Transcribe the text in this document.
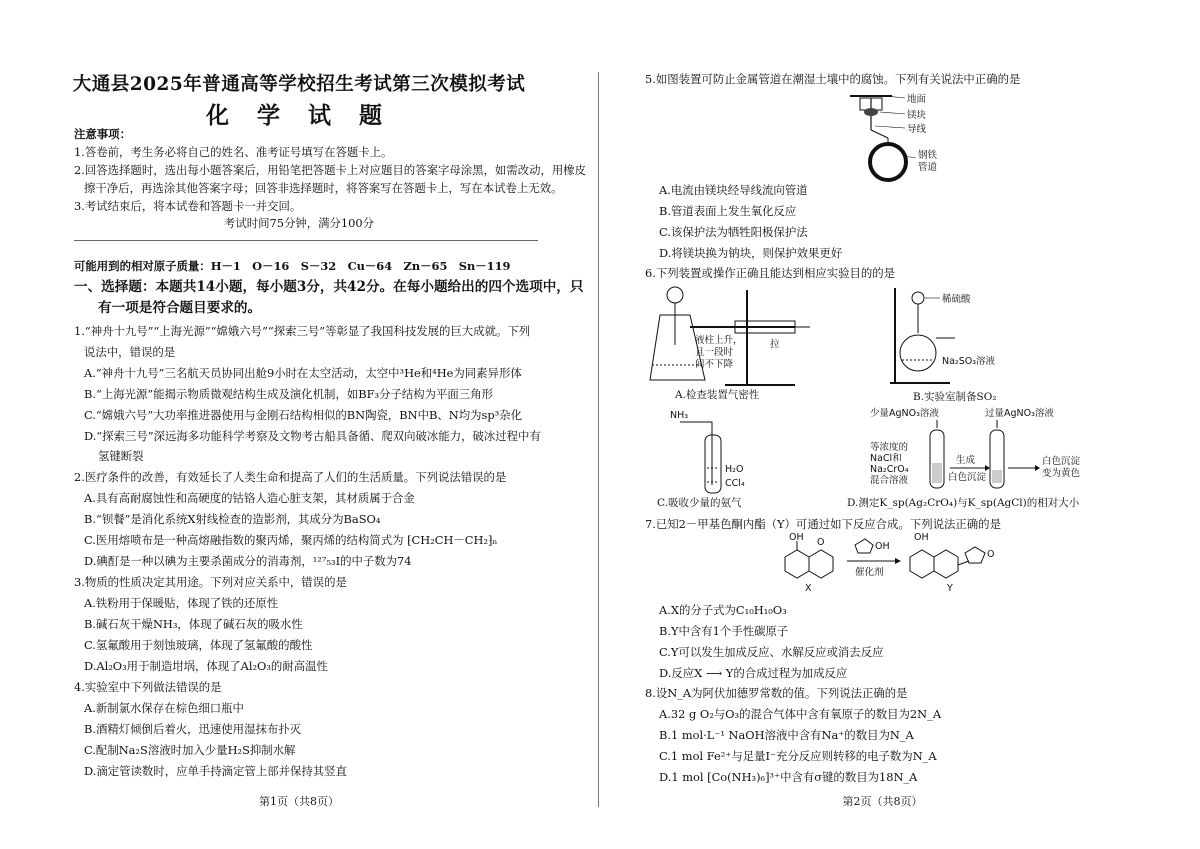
大通县2025年普通高等学校招生考试第三次模拟考试
化 学 试 题
注意事项：
1.答卷前，考生务必将自己的姓名、准考证号填写在答题卡上。
2.回答选择题时，选出每小题答案后，用铅笔把答题卡上对应题目的答案字母涂黑，如需改动，用橡皮
擦干净后，再选涂其他答案字母；回答非选择题时，将答案写在答题卡上，写在本试卷上无效。
3.考试结束后，将本试卷和答题卡一并交回。
考试时间75分钟，满分100分
可能用到的相对原子质量：H－1　O－16　S－32　Cu－64　Zn－65　Sn－119
一、选择题：本题共14小题，每小题3分，共42分。在每小题给出的四个选项中，只
有一项是符合题目要求的。
1.“神舟十九号”“上海光源”“嫦娥六号”“探索三号”等彰显了我国科技发展的巨大成就。下列
说法中，错误的是
A.“神舟十九号”三名航天员协同出舱9小时在太空活动，太空中³He和⁴He为同素异形体
B.“上海光源”能揭示物质微观结构生成及演化机制，如BF₃分子结构为平面三角形
C.“嫦娥六号”大功率推进器使用与金刚石结构相似的BN陶瓷，BN中B、N均为sp³杂化
D.“探索三号”深远海多功能科学考察及文物考古船具备循、爬双向破冰能力，破冰过程中有
氢键断裂
2.医疗条件的改善，有效延长了人类生命和提高了人们的生活质量。下列说法错误的是
A.具有高耐腐蚀性和高硬度的钴铬人造心脏支架，其材质属于合金
B.“钡餐”是消化系统X射线检查的造影剂，其成分为BaSO₄
C.医用熔喷布是一种高熔融指数的聚丙烯，聚丙烯的结构简式为 ⁅CH₂CH－CH₂⁆ₙ
D.碘酊是一种以碘为主要杀菌成分的消毒剂，¹²⁷₅₃I的中子数为74
3.物质的性质决定其用途。下列对应关系中，错误的是
A.铁粉用于保暖贴，体现了铁的还原性
B.碱石灰干燥NH₃，体现了碱石灰的吸水性
C.氢氟酸用于刻蚀玻璃，体现了氢氟酸的酸性
D.Al₂O₃用于制造坩埚，体现了Al₂O₃的耐高温性
4.实验室中下列做法错误的是
A.新制氯水保存在棕色细口瓶中
B.酒精灯倾倒后着火，迅速使用湿抹布扑灭
C.配制Na₂S溶液时加入少量H₂S抑制水解
D.滴定管读数时，应单手持滴定管上部并保持其竖直
第1页（共8页）
5.如图装置可防止金属管道在潮湿土壤中的腐蚀。下列有关说法中正确的是
地面
镁块
导线
钢铁
管道
A.电流由镁块经导线流向管道
B.管道表面上发生氧化反应
C.该保护法为牺牲阳极保护法
D.将镁块换为钠块，则保护效果更好
6.下列装置或操作正确且能达到相应实验目的的是
液柱上升，
且一段时
间不下降
拉
A.检查装置气密性
稀硫酸
Na₂SO₃溶液
B.实验室制备SO₂
NH₃
H₂O
CCl₄
C.吸收少量的氨气
少量AgNO₃溶液	过量AgNO₃溶液
等浓度的
NaCl和
Na₂CrO₄
混合溶液
生成
白色沉淀
白色沉淀
变为黄色
D.测定K_sp(Ag₂CrO₄)与K_sp(AgCl)的相对大小
7.已知2－甲基色酮内酯（Y）可通过如下反应合成。下列说法正确的是
OH O
X
OH
催化剂
OH
O
Y
A.X的分子式为C₁₀H₁₀O₃
B.Y中含有1个手性碳原子
C.Y可以发生加成反应、水解反应或消去反应
D.反应X ⟶ Y的合成过程为加成反应
8.设N_A为阿伏加德罗常数的值。下列说法正确的是
A.32 g O₂与O₃的混合气体中含有氧原子的数目为2N_A
B.1 mol·L⁻¹ NaOH溶液中含有Na⁺的数目为N_A
C.1 mol Fe²⁺与足量I⁻充分反应则转移的电子数为N_A
D.1 mol [Co(NH₃)₆]³⁺中含有σ键的数目为18N_A
第2页（共8页）
